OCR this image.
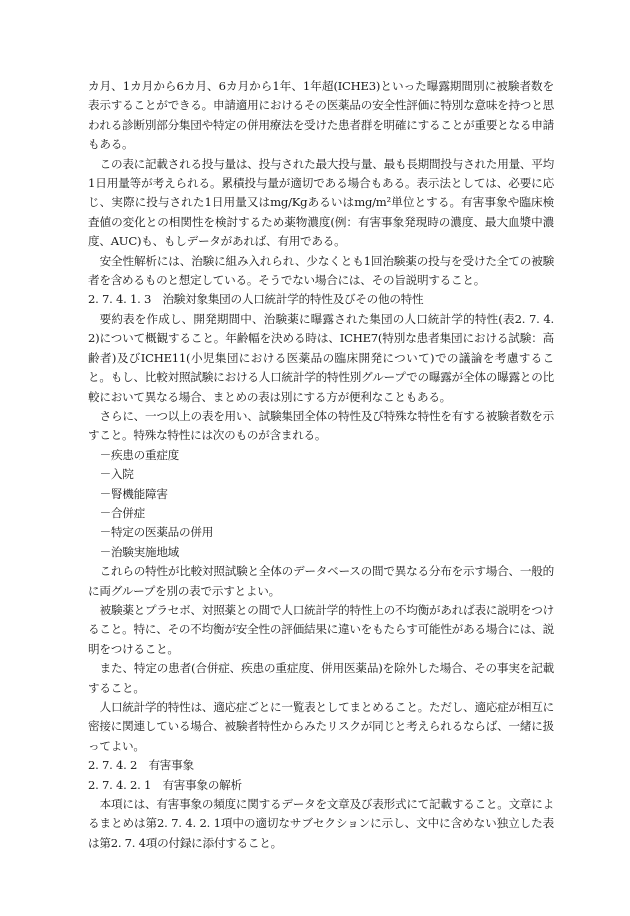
カ月、1カ月から6カ月、6カ月から1年、1年超(ICHE3)といった曝露期間別に被験者数を表示することができる。申請適用におけるその医薬品の安全性評価に特別な意味を持つと思われる診断別部分集団や特定の併用療法を受けた患者群を明確にすることが重要となる申請もある。

この表に記載される投与量は、投与された最大投与量、最も長期間投与された用量、平均1日用量等が考えられる。累積投与量が適切である場合もある。表示法としては、必要に応じ、実際に投与された1日用量又はmg/Kgあるいはmg/m²単位とする。有害事象や臨床検査値の変化との相関性を検討するため薬物濃度(例：有害事象発現時の濃度、最大血漿中濃度、AUC)も、もしデータがあれば、有用である。

安全性解析には、治験に組み入れられ、少なくとも1回治験薬の投与を受けた全ての被験者を含めるものと想定している。そうでない場合には、その旨説明すること。

2. 7. 4. 1. 3　治験対象集団の人口統計学的特性及びその他の特性

要約表を作成し、開発期間中、治験薬に曝露された集団の人口統計学的特性(表2. 7. 4. 2)について概観すること。年齢幅を決める時は、ICHE7(特別な患者集団における試験：高齢者)及びICHE11(小児集団における医薬品の臨床開発について)での議論を考慮すること。もし、比較対照試験における人口統計学的特性別グループでの曝露が全体の曝露との比較において異なる場合、まとめの表は別にする方が便利なこともある。

さらに、一つ以上の表を用い、試験集団全体の特性及び特殊な特性を有する被験者数を示すこと。特殊な特性には次のものが含まれる。

－疾患の重症度

－入院

－腎機能障害

－合併症

－特定の医薬品の併用

－治験実施地域

これらの特性が比較対照試験と全体のデータベースの間で異なる分布を示す場合、一般的に両グループを別の表で示すとよい。

被験薬とプラセボ、対照薬との間で人口統計学的特性上の不均衡があれば表に説明をつけること。特に、その不均衡が安全性の評価結果に違いをもたらす可能性がある場合には、説明をつけること。

また、特定の患者(合併症、疾患の重症度、併用医薬品)を除外した場合、その事実を記載すること。

人口統計学的特性は、適応症ごとに一覧表としてまとめること。ただし、適応症が相互に密接に関連している場合、被験者特性からみたリスクが同じと考えられるならば、一緒に扱ってよい。

2. 7. 4. 2　有害事象

2. 7. 4. 2. 1　有害事象の解析

本項には、有害事象の頻度に関するデータを文章及び表形式にて記載すること。文章によるまとめは第2. 7. 4. 2. 1項中の適切なサブセクションに示し、文中に含めない独立した表は第2. 7. 4項の付録に添付すること。
